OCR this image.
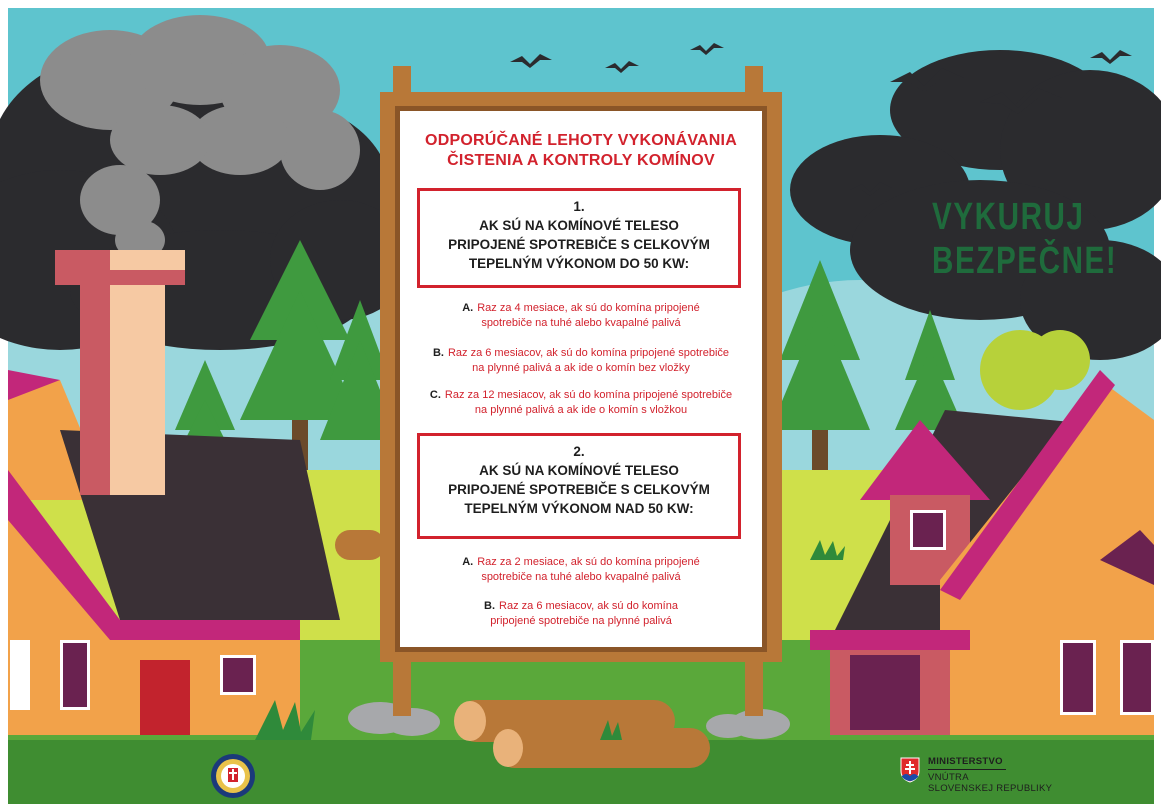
ODPORÚČANÉ LEHOTY VYKONÁVANIA
ČISTENIA A KONTROLY KOMÍNOV
1.
AK SÚ NA KOMÍNOVÉ TELESO
PRIPOJENÉ SPOTREBIČE S CELKOVÝM
TEPELNÝM VÝKONOM DO 50 KW:
A. Raz za 4 mesiace, ak sú do komína pripojené
spotrebiče na tuhé alebo kvapalné palivá
B. Raz za 6 mesiacov, ak sú do komína pripojené spotrebiče
na plynné palivá a ak ide o komín bez vložky
C. Raz za 12 mesiacov, ak sú do komína pripojené spotrebiče
na plynné palivá a ak ide o komín s vložkou
2.
AK SÚ NA KOMÍNOVÉ TELESO
PRIPOJENÉ SPOTREBIČE S CELKOVÝM
TEPELNÝM VÝKONOM NAD 50 KW:
A. Raz za 2 mesiace, ak sú do komína pripojené
spotrebiče na tuhé alebo kvapalné palivá
B. Raz za 6 mesiacov, ak sú do komína
pripojené spotrebiče na plynné palivá
VYKURUJ
BEZPEČNE!
MINISTERSTVO
VNÚTRA
SLOVENSKEJ REPUBLIKY
